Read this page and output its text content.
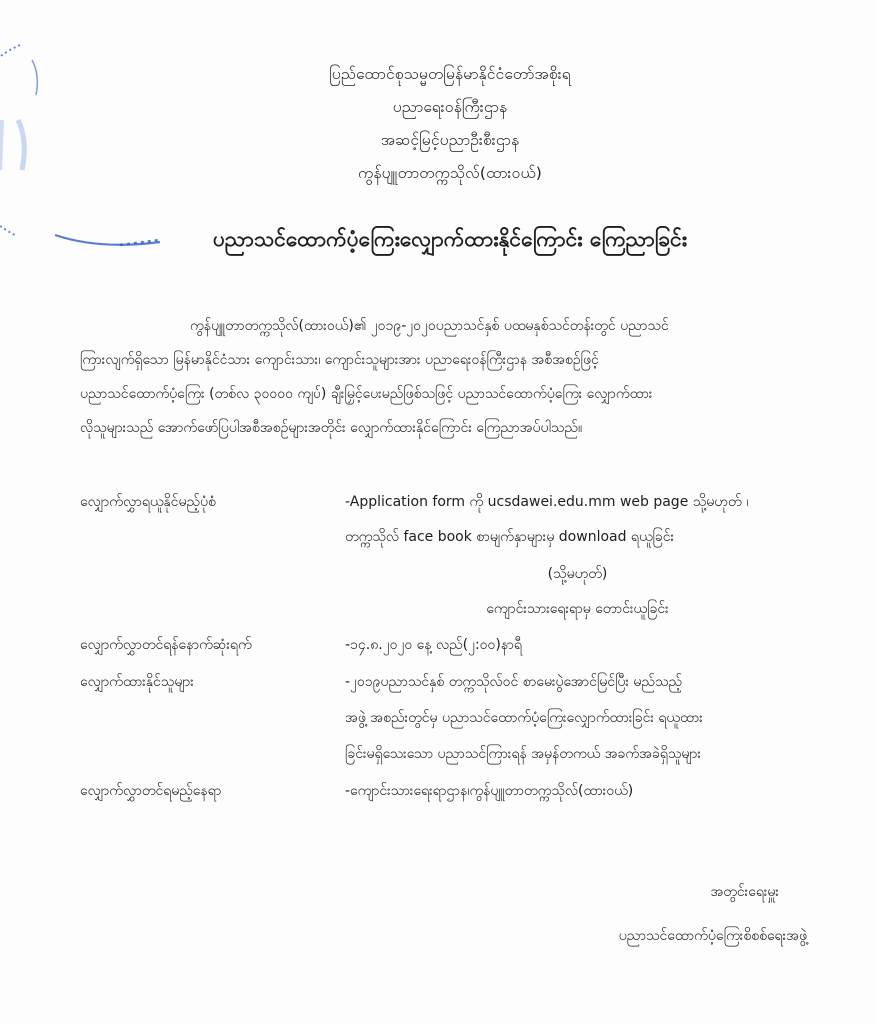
ပြည်ထောင်စုသမ္မတမြန်မာနိုင်ငံတော်အစိုးရ
ပညာရေးဝန်ကြီးဌာန
အဆင့်မြင့်ပညာဦးစီးဌာန
ကွန်ပျူတာတက္ကသိုလ်(ထားဝယ်)
ပညာသင်ထောက်ပံ့ကြေးလျှောက်ထားနိုင်ကြောင်း ကြေညာခြင်း
ကွန်ပျူတာတက္ကသိုလ်(ထားဝယ်)၏ ၂၀၁၉-၂၀၂၀ပညာသင်နှစ် ပထမနှစ်သင်တန်းတွင် ပညာသင်
ကြားလျက်ရှိသော မြန်မာနိုင်ငံသား ကျောင်းသား၊ ကျောင်းသူများအား ပညာရေးဝန်ကြီးဌာန အစီအစဉ်ဖြင့်
ပညာသင်ထောက်ပံ့ကြေး (တစ်လ ၃၀၀၀၀ ကျပ်) ချီးမြှင့်ပေးမည်ဖြစ်သဖြင့် ပညာသင်ထောက်ပံ့ကြေး လျှောက်ထား
လိုသူများသည် အောက်ဖော်ပြပါအစီအစဉ်များအတိုင်း လျှောက်ထားနိုင်ကြောင်း ကြေညာအပ်ပါသည်။
လျှောက်လွှာရယူနိုင်မည့်ပုံစံ	-Application form ကို ucsdawei.edu.mm web page သို့မဟုတ် ၊
တက္ကသိုလ် face book စာမျက်နှာများမှ download ရယူခြင်း
(သို့မဟုတ်)
ကျောင်းသားရေးရာမှ တောင်းယူခြင်း
လျှောက်လွှာတင်ရန်နောက်ဆုံးရက်	-၁၄.၈.၂၀၂၀ နေ့ လည်(၂:၀၀)နာရီ
လျှောက်ထားနိုင်သူများ	-၂၀၁၉ပညာသင်နှစ် တက္ကသိုလ်ဝင် စာမေးပွဲအောင်မြင်ပြီး မည်သည့်
အဖွဲ့ အစည်းတွင်မှ ပညာသင်ထောက်ပံ့ကြေးလျှောက်ထားခြင်း ရယူထား
ခြင်းမရှိသေးသော ပညာသင်ကြားရန် အမှန်တကယ် အခက်အခဲရှိသူများ
လျှောက်လွှာတင်ရမည့်နေရာ	-ကျောင်းသားရေးရာဌာန၊ကွန်ပျူတာတက္ကသိုလ်(ထားဝယ်)
အတွင်းရေးမှူး
ပညာသင်ထောက်ပံ့ကြေးစိစစ်ရေးအဖွဲ့
